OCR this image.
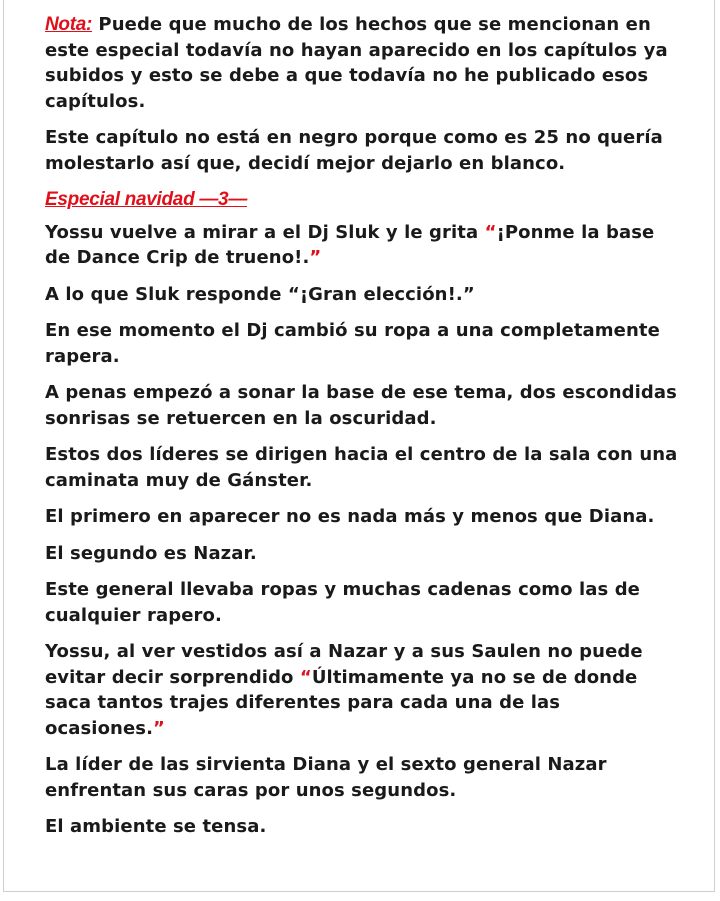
Nota: Puede que mucho de los hechos que se mencionan en este especial todavía no hayan aparecido en los capítulos ya subidos y esto se debe a que todavía no he publicado esos capítulos.

Este capítulo no está en negro porque como es 25 no quería molestarlo así que, decidí mejor dejarlo en blanco.

Especial navidad —3—

Yossu vuelve a mirar a el Dj Sluk y le grita “¡Ponme la base de Dance Crip de trueno!.”

A lo que Sluk responde “¡Gran elección!.”

En ese momento el Dj cambió su ropa a una completamente rapera.

A penas empezó a sonar la base de ese tema, dos escondidas sonrisas se retuercen en la oscuridad.

Estos dos líderes se dirigen hacia el centro de la sala con una caminata muy de Gánster.

El primero en aparecer no es nada más y menos que Diana.

El segundo es Nazar.

Este general llevaba ropas y muchas cadenas como las de cualquier rapero.

Yossu, al ver vestidos así a Nazar y a sus Saulen no puede evitar decir sorprendido “Últimamente ya no se de donde saca tantos trajes diferentes para cada una de las ocasiones.”

La líder de las sirvienta Diana y el sexto general Nazar enfrentan sus caras por unos segundos.

El ambiente se tensa.
